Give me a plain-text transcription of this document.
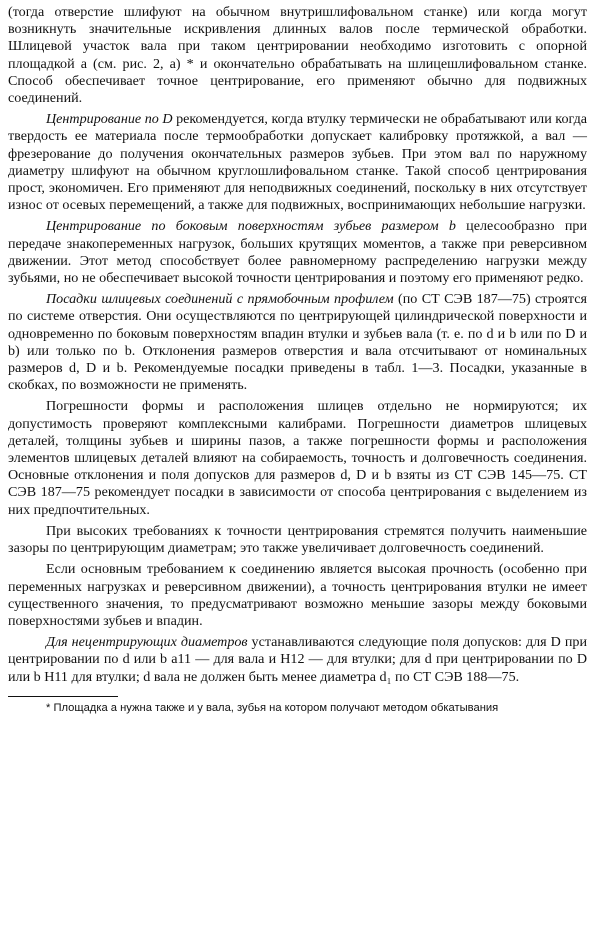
(тогда отверстие шлифуют на обычном внутришлифовальном станке) или когда могут возникнуть значительные искривления длинных валов после термической обработки. Шлицевой участок вала при таком центрировании необходимо изготовить с опорной площадкой а (см. рис. 2, а) * и окончательно обрабатывать на шлицешлифовальном станке. Способ обеспечивает точное центрирование, его применяют обычно для подвижных соединений.

Центрирование по D рекомендуется, когда втулку термически не обрабатывают или когда твердость ее материала после термообработки допускает калибровку протяжкой, а вал — фрезерование до получения окончательных размеров зубьев. При этом вал по наружному диаметру шлифуют на обычном круглошлифовальном станке. Такой способ центрирования прост, экономичен. Его применяют для неподвижных соединений, поскольку в них отсутствует износ от осевых перемещений, а также для подвижных, воспринимающих небольшие нагрузки.

Центрирование по боковым поверхностям зубьев размером b целесообразно при передаче знакопеременных нагрузок, больших крутящих моментов, а также при реверсивном движении. Этот метод способствует более равномерному распределению нагрузки между зубьями, но не обеспечивает высокой точности центрирования и поэтому его применяют редко.

Посадки шлицевых соединений с прямобочным профилем (по СТ СЭВ 187—75) строятся по системе отверстия. Они осуществляются по центрирующей цилиндрической поверхности и одновременно по боковым поверхностям впадин втулки и зубьев вала (т. е. по d и b или по D и b) или только по b. Отклонения размеров отверстия и вала отсчитывают от номинальных размеров d, D и b. Рекомендуемые посадки приведены в табл. 1—3. Посадки, указанные в скобках, по возможности не применять.

Погрешности формы и расположения шлицев отдельно не нормируются; их допустимость проверяют комплексными калибрами. Погрешности диаметров шлицевых деталей, толщины зубьев и ширины пазов, а также погрешности формы и расположения элементов шлицевых деталей влияют на собираемость, точность и долговечность соединения. Основные отклонения и поля допусков для размеров d, D и b взяты из СТ СЭВ 145—75. СТ СЭВ 187—75 рекомендует посадки в зависимости от способа центрирования с выделением из них предпочтительных.

При высоких требованиях к точности центрирования стремятся получить наименьшие зазоры по центрирующим диаметрам; это также увеличивает долговечность соединений.

Если основным требованием к соединению является высокая прочность (особенно при переменных нагрузках и реверсивном движении), а точность центрирования втулки не имеет существенного значения, то предусматривают возможно меньшие зазоры между боковыми поверхностями зубьев и впадин.

Для нецентрирующих диаметров устанавливаются следующие поля допусков: для D при центрировании по d или b a11 — для вала и H12 — для втулки; для d при центрировании по D или b H11 для втулки; d вала не должен быть менее диаметра d₁ по СТ СЭВ 188—75.

* Площадка а нужна также и у вала, зубья на котором получают методом обкатывания
